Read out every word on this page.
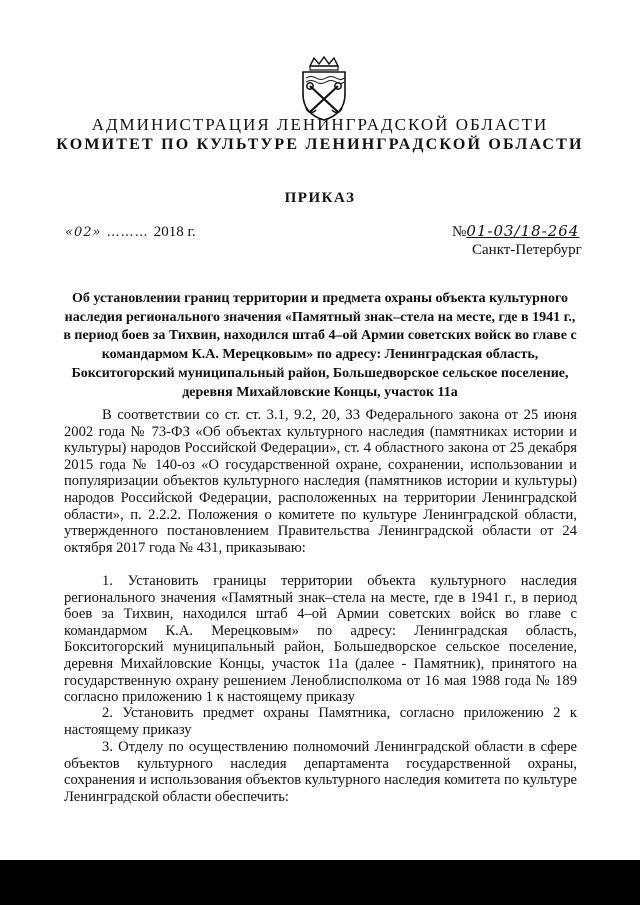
АДМИНИСТРАЦИЯ ЛЕНИНГРАДСКОЙ ОБЛАСТИ
КОМИТЕТ ПО КУЛЬТУРЕ ЛЕНИНГРАДСКОЙ ОБЛАСТИ
ПРИКАЗ
«02» ……… 2018 г.	№01-03/18-264
Санкт-Петербург
Об установлении границ территории и предмета охраны объекта культурного наследия регионального значения «Памятный знак–стела на месте, где в 1941 г., в период боев за Тихвин, находился штаб 4–ой Армии советских войск во главе с командармом К.А. Мерецковым» по адресу: Ленинградская область, Бокситогорский муниципальный район, Большедворское сельское поселение, деревня Михайловские Концы, участок 11а
В соответствии со ст. ст. 3.1, 9.2, 20, 33 Федерального закона от 25 июня 2002 года № 73-ФЗ «Об объектах культурного наследия (памятниках истории и культуры) народов Российской Федерации», ст. 4 областного закона от 25 декабря 2015 года № 140-оз «О государственной охране, сохранении, использовании и популяризации объектов культурного наследия (памятников истории и культуры) народов Российской Федерации, расположенных на территории Ленинградской области», п. 2.2.2. Положения о комитете по культуре Ленинградской области, утвержденного постановлением Правительства Ленинградской области от 24 октября 2017 года № 431, приказываю:
1. Установить границы территории объекта культурного наследия регионального значения «Памятный знак–стела на месте, где в 1941 г., в период боев за Тихвин, находился штаб 4–ой Армии советских войск во главе с командармом К.А. Мерецковым» по адресу: Ленинградская область, Бокситогорский муниципальный район, Большедворское сельское поселение, деревня Михайловские Концы, участок 11а (далее - Памятник), принятого на государственную охрану решением Леноблисполкома от 16 мая 1988 года № 189 согласно приложению 1 к настоящему приказу
2. Установить предмет охраны Памятника, согласно приложению 2 к настоящему приказу
3. Отделу по осуществлению полномочий Ленинградской области в сфере объектов культурного наследия департамента государственной охраны, сохранения и использования объектов культурного наследия комитета по культуре Ленинградской области обеспечить:
